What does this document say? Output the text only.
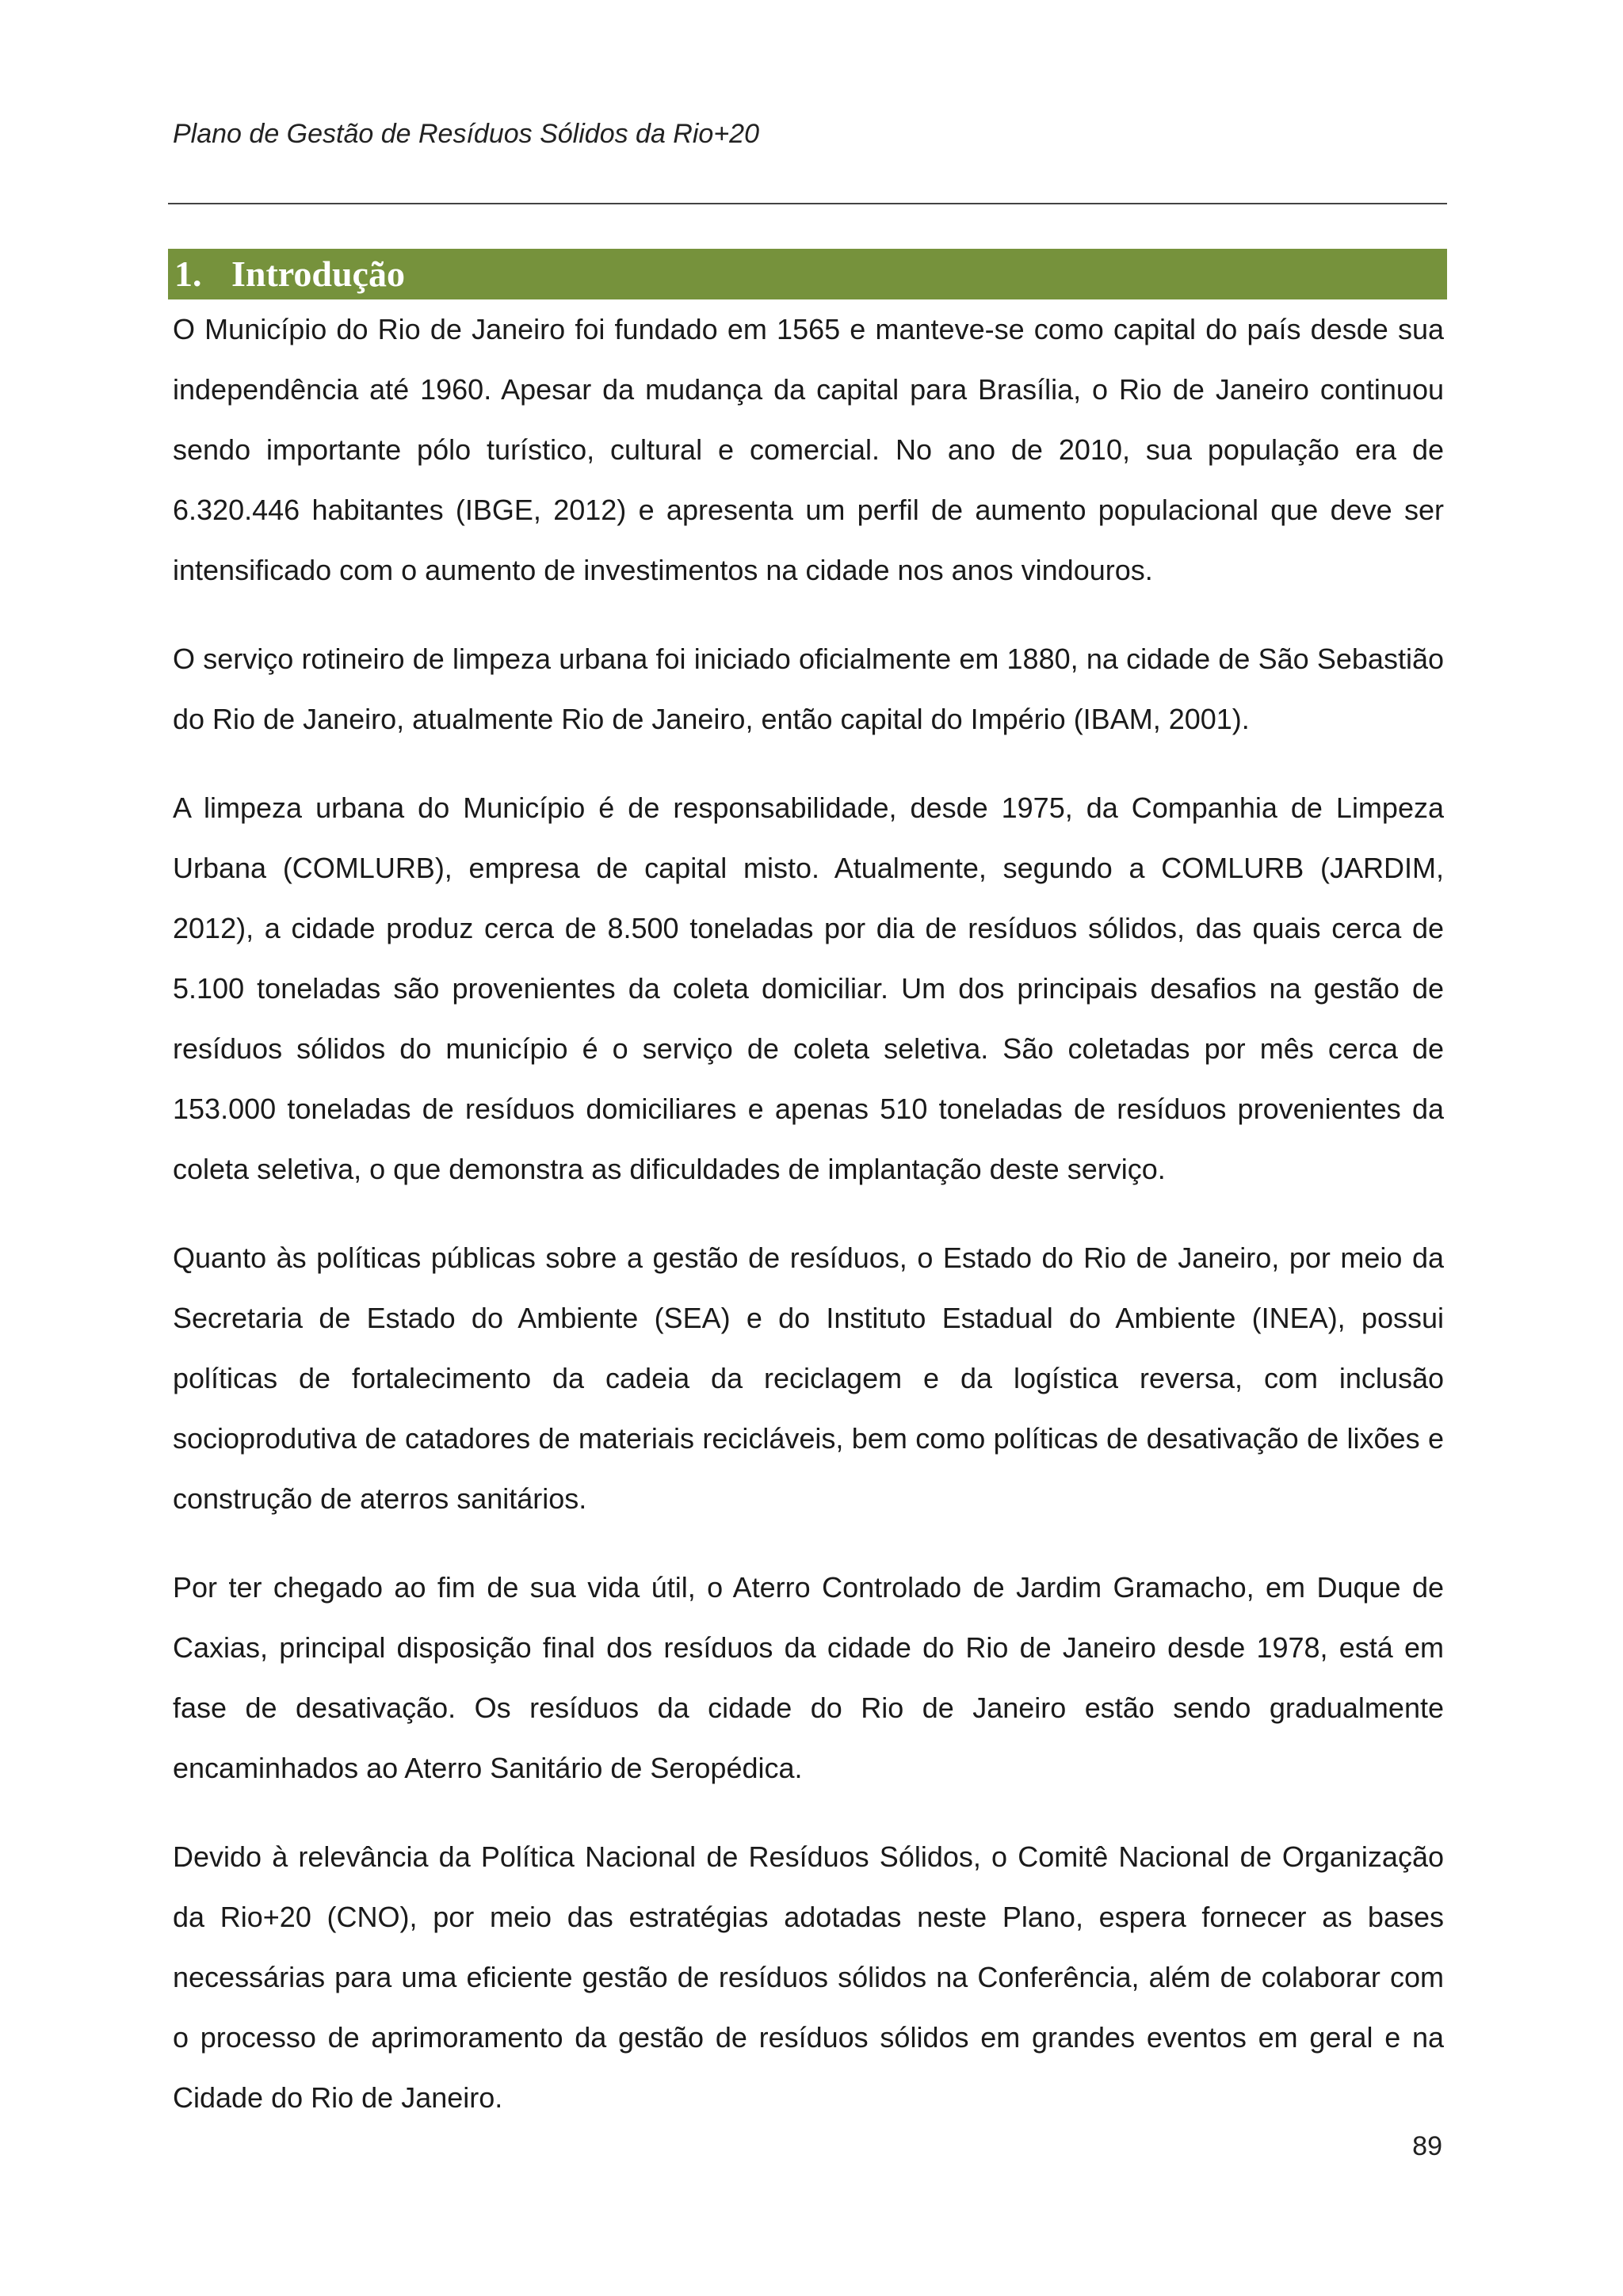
Plano de Gestão de Resíduos Sólidos da Rio+20
1. Introdução

O Município do Rio de Janeiro foi fundado em 1565 e manteve-se como capital do país desde sua independência até 1960. Apesar da mudança da capital para Brasília, o Rio de Janeiro continuou sendo importante pólo turístico, cultural e comercial. No ano de 2010, sua população era de 6.320.446 habitantes (IBGE, 2012) e apresenta um perfil de aumento populacional que deve ser intensificado com o aumento de investimentos na cidade nos anos vindouros.

O serviço rotineiro de limpeza urbana foi iniciado oficialmente em 1880, na cidade de São Sebastião do Rio de Janeiro, atualmente Rio de Janeiro, então capital do Império (IBAM, 2001).

A limpeza urbana do Município é de responsabilidade, desde 1975, da Companhia de Limpeza Urbana (COMLURB), empresa de capital misto. Atualmente, segundo a COMLURB (JARDIM, 2012), a cidade produz cerca de 8.500 toneladas por dia de resíduos sólidos, das quais cerca de 5.100 toneladas são provenientes da coleta domiciliar. Um dos principais desafios na gestão de resíduos sólidos do município é o serviço de coleta seletiva. São coletadas por mês cerca de 153.000 toneladas de resíduos domiciliares e apenas 510 toneladas de resíduos provenientes da coleta seletiva, o que demonstra as dificuldades de implantação deste serviço.

Quanto às políticas públicas sobre a gestão de resíduos, o Estado do Rio de Janeiro, por meio da Secretaria de Estado do Ambiente (SEA) e do Instituto Estadual do Ambiente (INEA), possui políticas de fortalecimento da cadeia da reciclagem e da logística reversa, com inclusão socioprodutiva de catadores de materiais recicláveis, bem como políticas de desativação de lixões e construção de aterros sanitários.

Por ter chegado ao fim de sua vida útil, o Aterro Controlado de Jardim Gramacho, em Duque de Caxias, principal disposição final dos resíduos da cidade do Rio de Janeiro desde 1978, está em fase de desativação. Os resíduos da cidade do Rio de Janeiro estão sendo gradualmente encaminhados ao Aterro Sanitário de Seropédica.

Devido à relevância da Política Nacional de Resíduos Sólidos, o Comitê Nacional de Organização da Rio+20 (CNO), por meio das estratégias adotadas neste Plano, espera fornecer as bases necessárias para uma eficiente gestão de resíduos sólidos na Conferência, além de colaborar com o processo de aprimoramento da gestão de resíduos sólidos em grandes eventos em geral e na Cidade do Rio de Janeiro.

89
